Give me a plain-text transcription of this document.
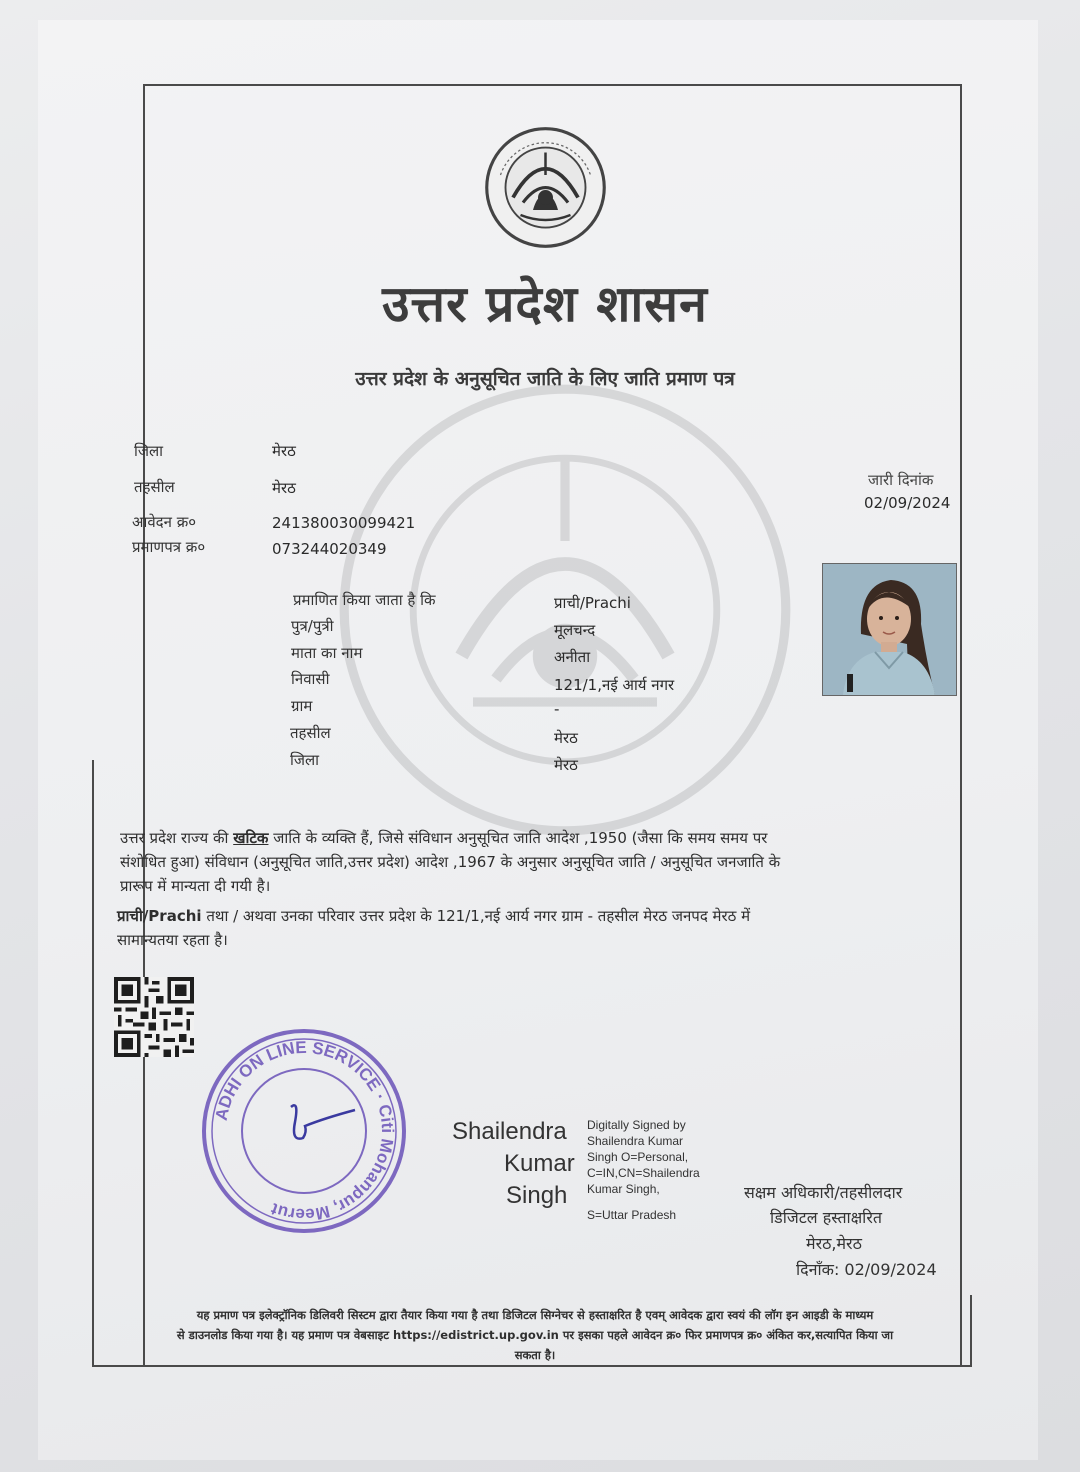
उत्तर प्रदेश शासन
उत्तर प्रदेश के अनुसूचित जाति के लिए जाति प्रमाण पत्र
जारी दिनांक
02/09/2024
जिला	मेरठ
तहसील	मेरठ
आवेदन क्र०	241380030099421
प्रमाणपत्र क्र०	073244020349
प्रमाणित किया जाता है कि	प्राची/Prachi
पुत्र/पुत्री	मूलचन्द
माता का नाम	अनीता
निवासी	121/1,नई आर्य नगर
ग्राम	-
तहसील	मेरठ
जिला	मेरठ
उत्तर प्रदेश राज्य की खटिक जाति के व्यक्ति हैं, जिसे संविधान अनुसूचित जाति आदेश ,1950 (जैसा कि समय समय पर
संशोधित हुआ) संविधान (अनुसूचित जाति,उत्तर प्रदेश) आदेश ,1967 के अनुसार अनुसूचित जाति / अनुसूचित जनजाति के
प्रारूप में मान्यता दी गयी है।
प्राची/Prachi तथा / अथवा उनका परिवार उत्तर प्रदेश के 121/1,नई आर्य नगर ग्राम - तहसील मेरठ जनपद मेरठ में
सामान्यतया रहता है।
ADHI ON LINE SERVICE · Citi Mohanpur, Meerut
Shailendra
Kumar
Singh
Digitally Signed by
Shailendra Kumar
Singh O=Personal,
C=IN,CN=Shailendra
Kumar Singh,
S=Uttar Pradesh
सक्षम अधिकारी/तहसीलदार
डिजिटल हस्ताक्षरित
मेरठ,मेरठ
दिनाँक: 02/09/2024
यह प्रमाण पत्र इलेक्ट्रॉनिक डिलिवरी सिस्टम द्वारा तैयार किया गया है तथा डिजिटल सिग्नेचर से हस्ताक्षरित है एवम् आवेदक द्वारा स्वयं की लॉग इन आइडी के माध्यम
से डाउनलोड किया गया है। यह प्रमाण पत्र वेबसाइट https://edistrict.up.gov.in पर इसका पहले आवेदन क्र० फिर प्रमाणपत्र क्र० अंकित कर,सत्यापित किया जा
सकता है।
